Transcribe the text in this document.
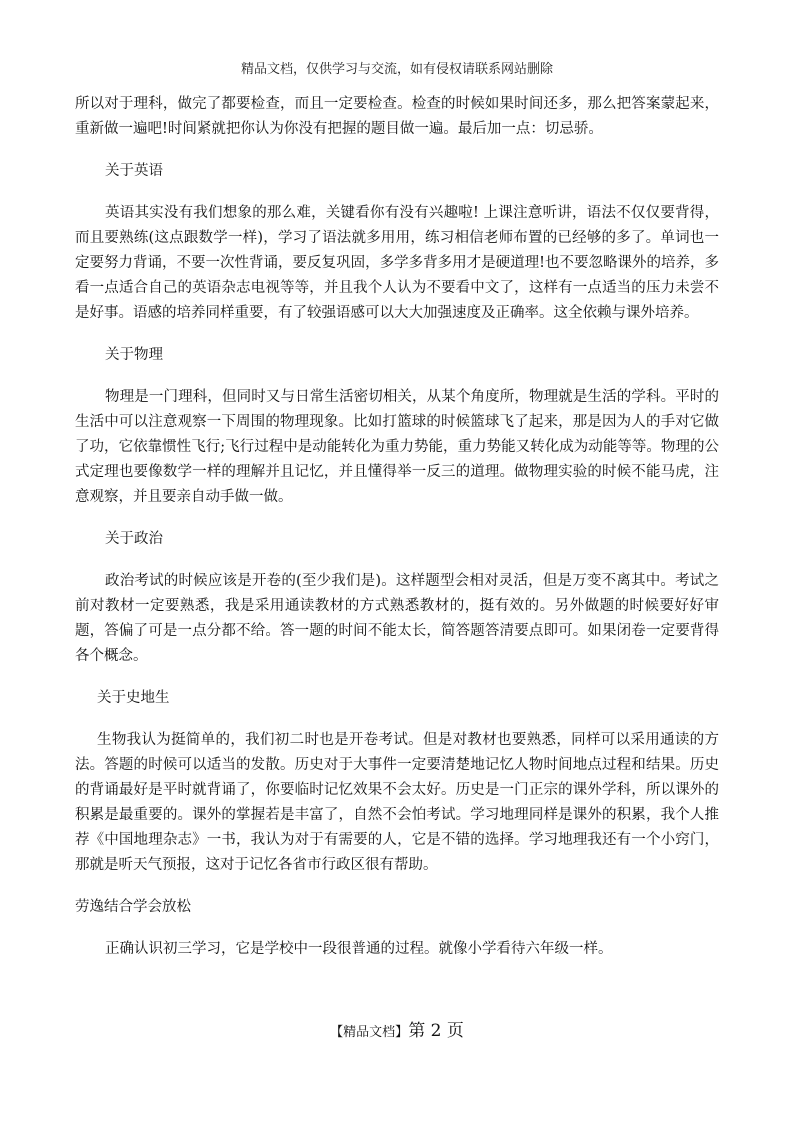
精品文档，仅供学习与交流，如有侵权请联系网站删除

所以对于理科，做完了都要检查，而且一定要检查。检查的时候如果时间还多，那么把答案蒙起来，重新做一遍吧!时间紧就把你认为你没有把握的题目做一遍。最后加一点：切忌骄。

关于英语

英语其实没有我们想象的那么难，关键看你有没有兴趣啦! 上课注意听讲，语法不仅仅要背得，而且要熟练(这点跟数学一样)，学习了语法就多用用，练习相信老师布置的已经够的多了。单词也一定要努力背诵，不要一次性背诵，要反复巩固，多学多背多用才是硬道理!也不要忽略课外的培养，多看一点适合自己的英语杂志电视等等，并且我个人认为不要看中文了，这样有一点适当的压力未尝不是好事。语感的培养同样重要，有了较强语感可以大大加强速度及正确率。这全依赖与课外培养。

关于物理

物理是一门理科，但同时又与日常生活密切相关，从某个角度所，物理就是生活的学科。平时的生活中可以注意观察一下周围的物理现象。比如打篮球的时候篮球飞了起来，那是因为人的手对它做了功，它依靠惯性飞行;飞行过程中是动能转化为重力势能，重力势能又转化成为动能等等。物理的公式定理也要像数学一样的理解并且记忆，并且懂得举一反三的道理。做物理实验的时候不能马虎，注意观察，并且要亲自动手做一做。

关于政治

政治考试的时候应该是开卷的(至少我们是)。这样题型会相对灵活，但是万变不离其中。考试之前对教材一定要熟悉，我是采用通读教材的方式熟悉教材的，挺有效的。另外做题的时候要好好审题，答偏了可是一点分都不给。答一题的时间不能太长，简答题答清要点即可。如果闭卷一定要背得各个概念。

关于史地生

生物我认为挺简单的，我们初二时也是开卷考试。但是对教材也要熟悉，同样可以采用通读的方法。答题的时候可以适当的发散。历史对于大事件一定要清楚地记忆人物时间地点过程和结果。历史的背诵最好是平时就背诵了，你要临时记忆效果不会太好。历史是一门正宗的课外学科，所以课外的积累是最重要的。课外的掌握若是丰富了，自然不会怕考试。学习地理同样是课外的积累，我个人推荐《中国地理杂志》一书，我认为对于有需要的人，它是不错的选择。学习地理我还有一个小窍门，那就是听天气预报，这对于记忆各省市行政区很有帮助。

劳逸结合学会放松

正确认识初三学习，它是学校中一段很普通的过程。就像小学看待六年级一样。

【精品文档】第 2 页
